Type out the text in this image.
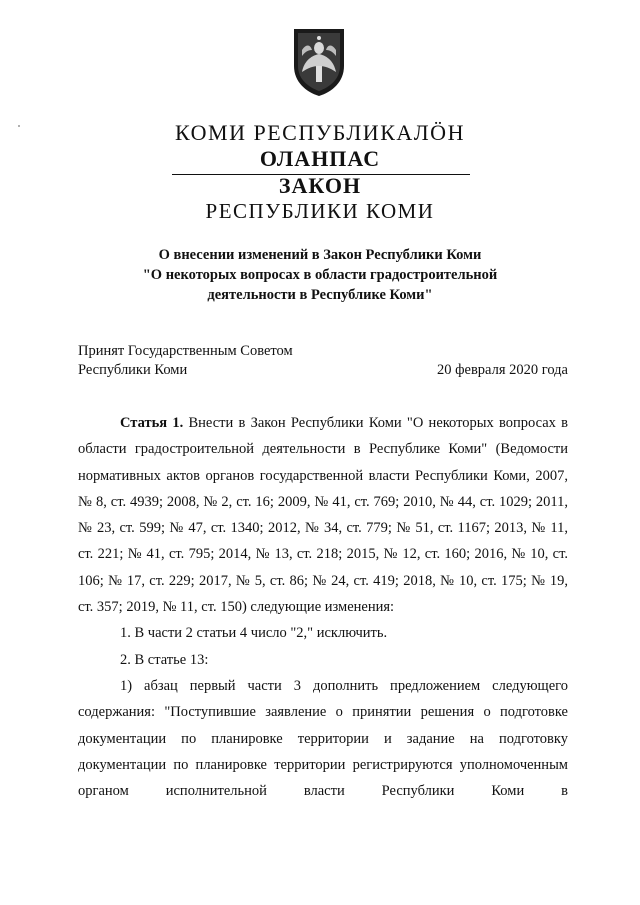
КОМИ РЕСПУБЛИКАЛÖН
ОЛАНПАС
ЗАКОН
РЕСПУБЛИКИ КОМИ
О внесении изменений в Закон Республики Коми
"О некоторых вопросах в области градостроительной
деятельности в Республике Коми"
Принят Государственным Советом
Республики Коми	20 февраля 2020 года

Статья 1. Внести в Закон Республики Коми "О некоторых вопросах в области градостроительной деятельности в Республике Коми" (Ведомости нормативных актов органов государственной власти Республики Коми, 2007, № 8, ст. 4939; 2008, № 2, ст. 16; 2009, № 41, ст. 769; 2010, № 44, ст. 1029; 2011, № 23, ст. 599; № 47, ст. 1340; 2012, № 34, ст. 779; № 51, ст. 1167; 2013, № 11, ст. 221; № 41, ст. 795; 2014, № 13, ст. 218; 2015, № 12, ст. 160; 2016, № 10, ст. 106; № 17, ст. 229; 2017, № 5, ст. 86; № 24, ст. 419; 2018, № 10, ст. 175; № 19, ст. 357; 2019, № 11, ст. 150) следующие изменения:

1. В части 2 статьи 4 число "2," исключить.

2. В статье 13:

1) абзац первый части 3 дополнить предложением следующего содержания: "Поступившие заявление о принятии решения о подготовке документации по планировке территории и задание на подготовку документации по планировке территории регистрируются уполномоченным органом исполнительной власти Республики Коми в
